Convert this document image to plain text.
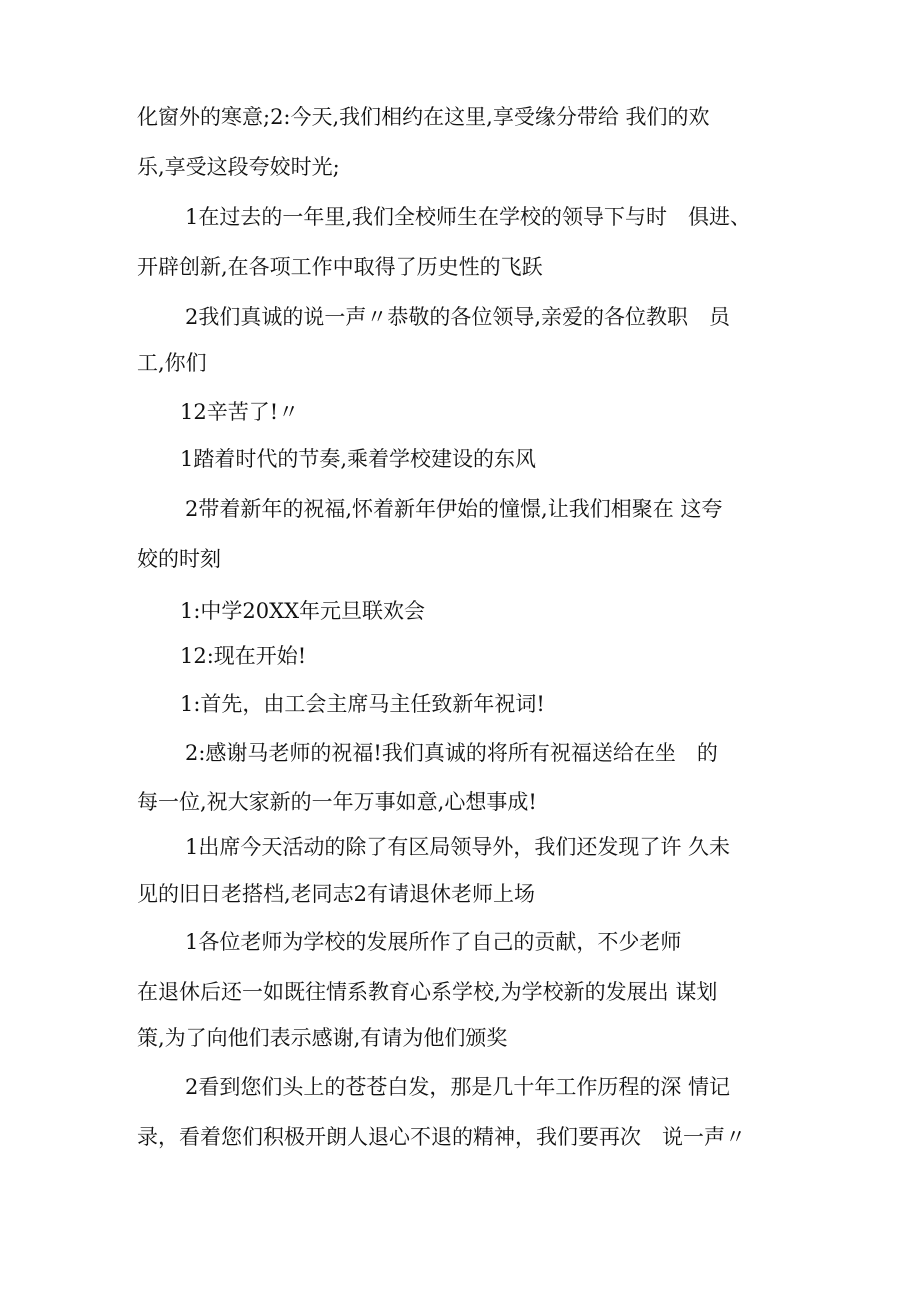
化窗外的寒意;2:今天,我们相约在这里,享受缘分带给 我们的欢
乐,享受这段夸姣时光;
1在过去的一年里,我们全校师生在学校的领导下与时　俱进、
开辟创新,在各项工作中取得了历史性的飞跃
2我们真诚的说一声〃恭敬的各位领导,亲爱的各位教职　员
工,你们
12辛苦了!〃
1踏着时代的节奏,乘着学校建设的东风
2带着新年的祝福,怀着新年伊始的憧憬,让我们相聚在 这夸
姣的时刻
1:中学20XX年元旦联欢会
12:现在开始!
1:首先，由工会主席马主任致新年祝词!
2:感谢马老师的祝福!我们真诚的将所有祝福送给在坐　的
每一位,祝大家新的一年万事如意,心想事成!
1出席今天活动的除了有区局领导外，我们还发现了许 久未
见的旧日老搭档,老同志2有请退休老师上场
1各位老师为学校的发展所作了自己的贡献，不少老师
在退休后还一如既往情系教育心系学校,为学校新的发展出 谋划
策,为了向他们表示感谢,有请为他们颁奖
2看到您们头上的苍苍白发，那是几十年工作历程的深 情记
录，看着您们积极开朗人退心不退的精神，我们要再次　说一声〃
